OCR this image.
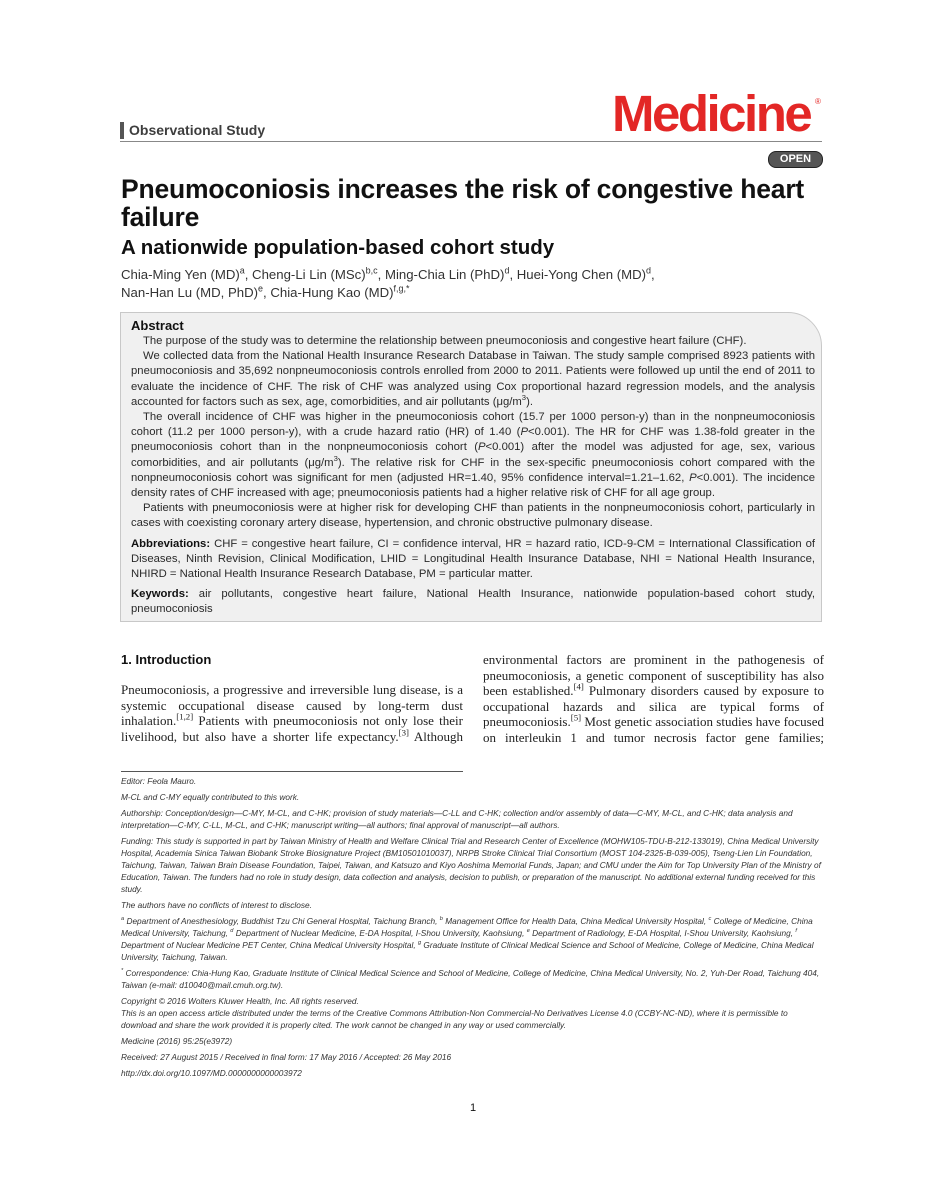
Observational Study	Medicine ®
OPEN
Pneumoconiosis increases the risk of congestive heart failure
A nationwide population-based cohort study
Chia-Ming Yen (MD)$^a$, Cheng-Li Lin (MSc)$^{b,c}$, Ming-Chia Lin (PhD)$^d$, Huei-Yong Chen (MD)$^d$,
Nan-Han Lu (MD, PhD)$^e$, Chia-Hung Kao (MD)$^{f,g,*}$
Abstract

The purpose of the study was to determine the relationship between pneumoconiosis and congestive heart failure (CHF).

We collected data from the National Health Insurance Research Database in Taiwan. The study sample comprised 8923 patients with pneumoconiosis and 35,692 nonpneumoconiosis controls enrolled from 2000 to 2011. Patients were followed up until the end of 2011 to evaluate the incidence of CHF. The risk of CHF was analyzed using Cox proportional hazard regression models, and the analysis accounted for factors such as sex, age, comorbidities, and air pollutants $(\mu g/m^3)$.

The overall incidence of CHF was higher in the pneumoconiosis cohort (15.7 per 1000 person-y) than in the nonpneumoconiosis cohort (11.2 per 1000 person-y), with a crude hazard ratio (HR) of 1.40 (P<0.001). The HR for CHF was 1.38-fold greater in the pneumoconiosis cohort than in the nonpneumoconiosis cohort (P<0.001) after the model was adjusted for age, sex, various comorbidities, and air pollutants $(\mu g/m^3)$. The relative risk for CHF in the sex-specific pneumoconiosis cohort compared with the nonpneumoconiosis cohort was significant for men (adjusted HR=1.40, 95% confidence interval=1.21–1.62, P<0.001). The incidence density rates of CHF increased with age; pneumoconiosis patients had a higher relative risk of CHF for all age group.

Patients with pneumoconiosis were at higher risk for developing CHF than patients in the nonpneumoconiosis cohort, particularly in cases with coexisting coronary artery disease, hypertension, and chronic obstructive pulmonary disease.

Abbreviations: CHF = congestive heart failure, CI = confidence interval, HR = hazard ratio, ICD-9-CM = International Classification of Diseases, Ninth Revision, Clinical Modification, LHID = Longitudinal Health Insurance Database, NHI = National Health Insurance, NHIRD = National Health Insurance Research Database, PM = particular matter.

Keywords: air pollutants, congestive heart failure, National Health Insurance, nationwide population-based cohort study, pneumoconiosis

1. Introduction
Pneumoconiosis, a progressive and irreversible lung disease, is a systemic occupational disease caused by long-term dust inhalation.[1,2] Patients with pneumoconiosis not only lose their livelihood, but also have a shorter life expectancy.[3] Although
environmental factors are prominent in the pathogenesis of pneumoconiosis, a genetic component of susceptibility has also been established.[4] Pulmonary disorders caused by exposure to occupational hazards and silica are typical forms of pneumoconiosis.[5] Most genetic association studies have focused on interleukin 1 and tumor necrosis factor gene families;

Editor: Feola Mauro.

M-CL and C-MY equally contributed to this work.

Authorship: Conception/design—C-MY, M-CL, and C-HK; provision of study materials—C-LL and C-HK; collection and/or assembly of data—C-MY, M-CL, and C-HK; data analysis and interpretation—C-MY, C-LL, M-CL, and C-HK; manuscript writing—all authors; final approval of manuscript—all authors.

Funding: This study is supported in part by Taiwan Ministry of Health and Welfare Clinical Trial and Research Center of Excellence (MOHW105-TDU-B-212-133019), China Medical University Hospital, Academia Sinica Taiwan Biobank Stroke Biosignature Project (BM10501010037), NRPB Stroke Clinical Trial Consortium (MOST 104-2325-B-039-005), Tseng-Lien Lin Foundation, Taichung, Taiwan, Taiwan Brain Disease Foundation, Taipei, Taiwan, and Katsuzo and Kiyo Aoshima Memorial Funds, Japan; and CMU under the Aim for Top University Plan of the Ministry of Education, Taiwan. The funders had no role in study design, data collection and analysis, decision to publish, or preparation of the manuscript. No additional external funding received for this study.

The authors have no conflicts of interest to disclose.

$^a$ Department of Anesthesiology, Buddhist Tzu Chi General Hospital, Taichung Branch, $^b$ Management Office for Health Data, China Medical University Hospital, $^c$ College of Medicine, China Medical University, Taichung, $^d$ Department of Nuclear Medicine, E-DA Hospital, I-Shou University, Kaohsiung, $^e$ Department of Radiology, E-DA Hospital, I-Shou University, Kaohsiung, $^f$ Department of Nuclear Medicine PET Center, China Medical University Hospital, $^g$ Graduate Institute of Clinical Medical Science and School of Medicine, College of Medicine, China Medical University, Taichung, Taiwan.

* Correspondence: Chia-Hung Kao, Graduate Institute of Clinical Medical Science and School of Medicine, College of Medicine, China Medical University, No. 2, Yuh-Der Road, Taichung 404, Taiwan (e-mail: d10040@mail.cmuh.org.tw).

Copyright © 2016 Wolters Kluwer Health, Inc. All rights reserved.

This is an open access article distributed under the terms of the Creative Commons Attribution-Non Commercial-No Derivatives License 4.0 (CCBY-NC-ND), where it is permissible to download and share the work provided it is properly cited. The work cannot be changed in any way or used commercially.

Medicine (2016) 95:25(e3972)

Received: 27 August 2015 / Received in final form: 17 May 2016 / Accepted: 26 May 2016

http://dx.doi.org/10.1097/MD.0000000000003972

1
